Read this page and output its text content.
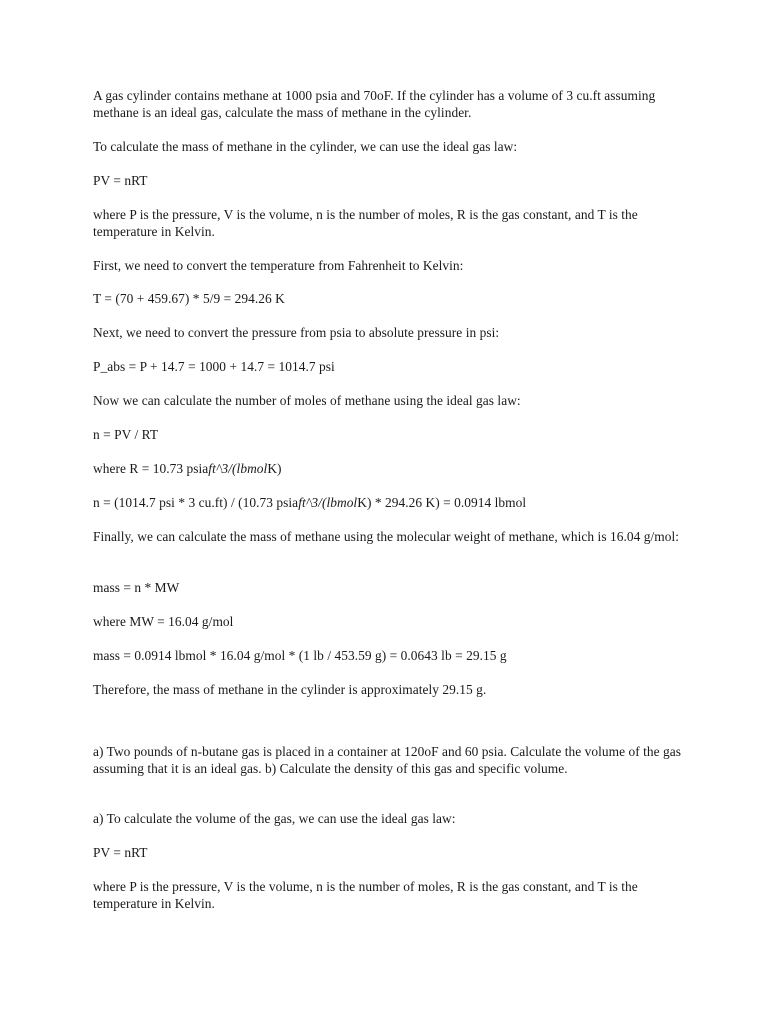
A gas cylinder contains methane at 1000 psia and 70oF. If the cylinder has a volume of 3 cu.ft assuming methane is an ideal gas, calculate the mass of methane in the cylinder.

To calculate the mass of methane in the cylinder, we can use the ideal gas law:

PV = nRT

where P is the pressure, V is the volume, n is the number of moles, R is the gas constant, and T is the temperature in Kelvin.

First, we need to convert the temperature from Fahrenheit to Kelvin:

T = (70 + 459.67) * 5/9 = 294.26 K

Next, we need to convert the pressure from psia to absolute pressure in psi:

P_abs = P + 14.7 = 1000 + 14.7 = 1014.7 psi

Now we can calculate the number of moles of methane using the ideal gas law:

n = PV / RT

where R = 10.73 psiaft^3/(lbmolK)

n = (1014.7 psi * 3 cu.ft) / (10.73 psiaft^3/(lbmolK) * 294.26 K) = 0.0914 lbmol

Finally, we can calculate the mass of methane using the molecular weight of methane, which is 16.04 g/mol:

mass = n * MW

where MW = 16.04 g/mol

mass = 0.0914 lbmol * 16.04 g/mol * (1 lb / 453.59 g) = 0.0643 lb = 29.15 g

Therefore, the mass of methane in the cylinder is approximately 29.15 g.

a) Two pounds of n-butane gas is placed in a container at 120oF and 60 psia. Calculate the volume of the gas assuming that it is an ideal gas. b) Calculate the density of this gas and specific volume.

a) To calculate the volume of the gas, we can use the ideal gas law:

PV = nRT

where P is the pressure, V is the volume, n is the number of moles, R is the gas constant, and T is the temperature in Kelvin.
